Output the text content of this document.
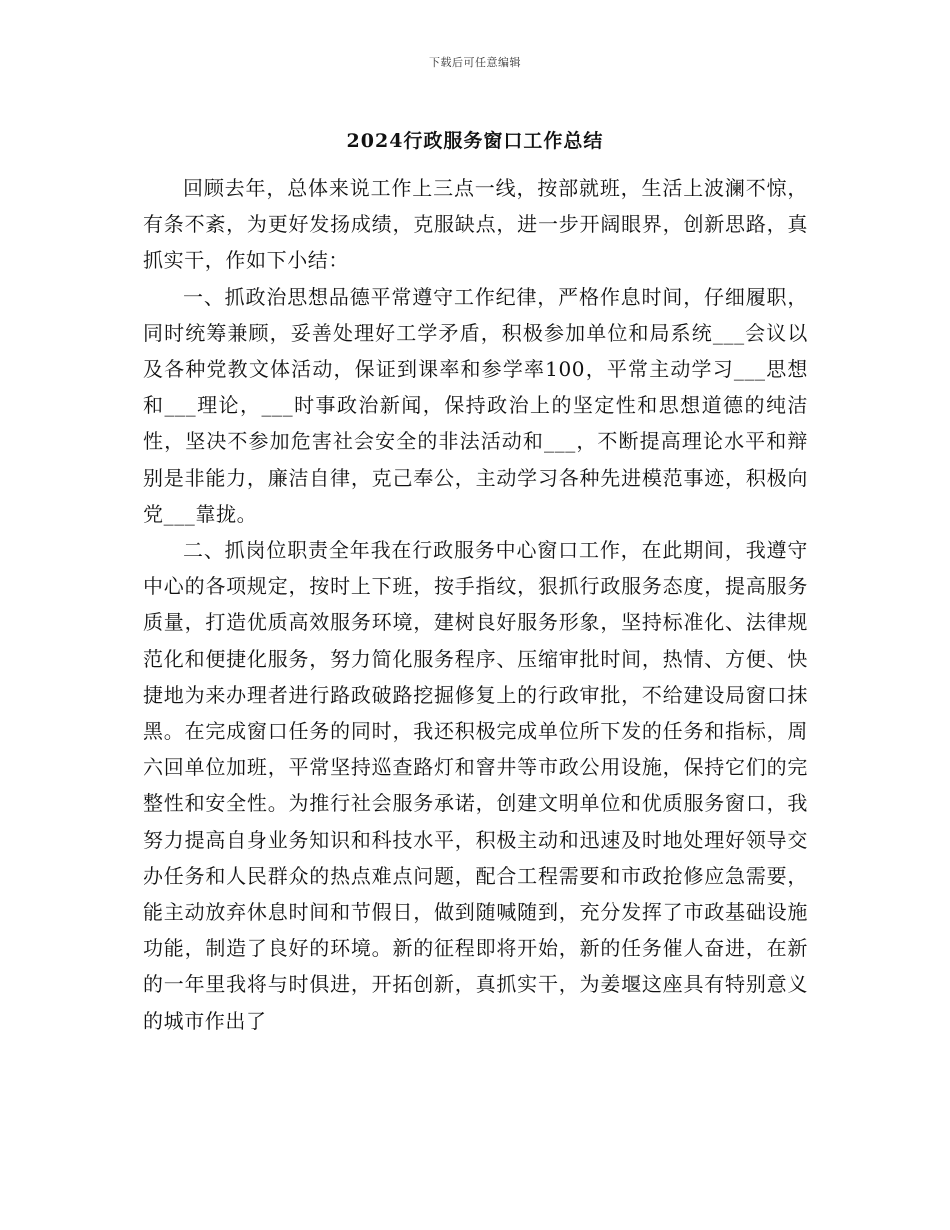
下载后可任意编辑
2024行政服务窗口工作总结

回顾去年，总体来说工作上三点一线，按部就班，生活上波澜不惊，有条不紊，为更好发扬成绩，克服缺点，进一步开阔眼界，创新思路，真抓实干，作如下小结：

一、抓政治思想品德平常遵守工作纪律，严格作息时间，仔细履职，同时统筹兼顾，妥善处理好工学矛盾，积极参加单位和局系统___会议以及各种党教文体活动，保证到课率和参学率100，平常主动学习___思想和___理论，___时事政治新闻，保持政治上的坚定性和思想道德的纯洁性，坚决不参加危害社会安全的非法活动和___，不断提高理论水平和辩别是非能力，廉洁自律，克己奉公，主动学习各种先进模范事迹，积极向党___靠拢。

二、抓岗位职责全年我在行政服务中心窗口工作，在此期间，我遵守中心的各项规定，按时上下班，按手指纹，狠抓行政服务态度，提高服务质量，打造优质高效服务环境，建树良好服务形象，坚持标准化、法律规范化和便捷化服务，努力简化服务程序、压缩审批时间，热情、方便、快捷地为来办理者进行路政破路挖掘修复上的行政审批，不给建设局窗口抹黑。在完成窗口任务的同时，我还积极完成单位所下发的任务和指标，周六回单位加班，平常坚持巡查路灯和窨井等市政公用设施，保持它们的完整性和安全性。为推行社会服务承诺，创建文明单位和优质服务窗口，我努力提高自身业务知识和科技水平，积极主动和迅速及时地处理好领导交办任务和人民群众的热点难点问题，配合工程需要和市政抢修应急需要，能主动放弃休息时间和节假日，做到随喊随到，充分发挥了市政基础设施功能，制造了良好的环境。新的征程即将开始，新的任务催人奋进，在新的一年里我将与时俱进，开拓创新，真抓实干，为姜堰这座具有特别意义的城市作出了
